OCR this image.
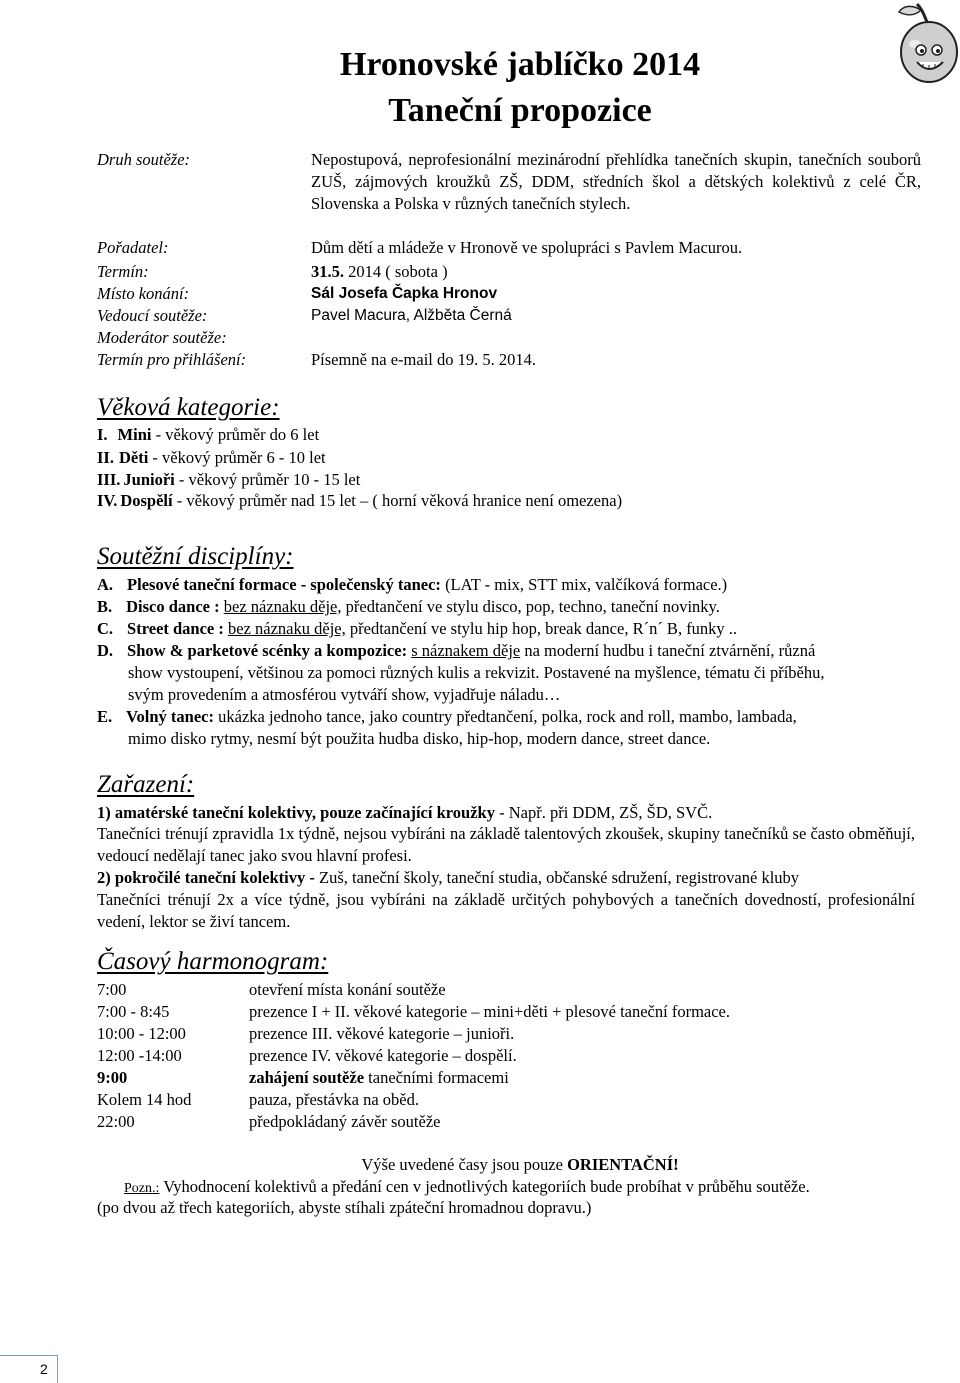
Hronovské jablíčko 2014
Taneční propozice
Druh soutěže:	Nepostupová, neprofesionální mezinárodní přehlídka tanečních skupin, tanečních souborů ZUŠ, zájmových kroužků ZŠ, DDM, středních škol a dětských kolektivů z celé ČR, Slovenska a Polska v různých tanečních stylech.
Pořadatel:	Dům dětí a mládeže v Hronově ve spolupráci s Pavlem Macurou.
Termín:	31.5. 2014 ( sobota )
Místo konání:	Sál Josefa Čapka Hronov
Vedoucí soutěže:	Pavel Macura, Alžběta Černá
Moderátor soutěže:
Termín pro přihlášení:	Písemně na e-mail do 19. 5. 2014.
Věková kategorie:
I. Mini - věkový průměr do 6 let
II. Děti - věkový průměr 6 - 10 let
III. Junioři - věkový průměr 10 - 15 let
IV. Dospělí - věkový průměr nad 15 let – ( horní věková hranice není omezena)
Soutěžní disciplíny:
A. Plesové taneční formace - společenský tanec: (LAT - mix, STT mix, valčíková formace.)
B. Disco dance : bez náznaku děje, předtančení ve stylu disco, pop, techno, taneční novinky.
C. Street dance : bez náznaku děje, předtančení ve stylu hip hop, break dance, R´n´ B, funky ..
D. Show & parketové scénky a kompozice: s náznakem děje na moderní hudbu i taneční ztvárnění, různá
show vystoupení, většinou za pomoci různých kulis a rekvizit. Postavené na myšlence, tématu či příběhu,
svým provedením a atmosférou vytváří show, vyjadřuje náladu…
E. Volný tanec: ukázka jednoho tance, jako country předtančení, polka, rock and roll, mambo, lambada,
mimo disko rytmy, nesmí být použita hudba disko, hip-hop, modern dance, street dance.
Zařazení:
1) amatérské taneční kolektivy, pouze začínající kroužky - Např. při DDM, ZŠ, ŠD, SVČ.
Tanečníci trénují zpravidla 1x týdně, nejsou vybíráni na základě talentových zkoušek, skupiny tanečníků se často obměňují, vedoucí nedělají tanec jako svou hlavní profesi.
2) pokročilé taneční kolektivy - Zuš, taneční školy, taneční studia, občanské sdružení, registrované kluby
Tanečníci trénují 2x a více týdně, jsou vybíráni na základě určitých pohybových a tanečních dovedností, profesionální vedení, lektor se živí tancem.
Časový harmonogram:
7:00	otevření místa konání soutěže
7:00 - 8:45	prezence I + II. věkové kategorie – mini+děti + plesové taneční formace.
10:00 - 12:00	prezence III. věkové kategorie – junioři.
12:00 -14:00	prezence IV. věkové kategorie – dospělí.
9:00	zahájení soutěže tanečními formacemi
Kolem 14 hod	pauza, přestávka na oběd.
22:00	předpokládaný závěr soutěže
Výše uvedené časy jsou pouze ORIENTAČNÍ!
Pozn.: Vyhodnocení kolektivů a předání cen v jednotlivých kategoriích bude probíhat v průběhu soutěže.
(po dvou až třech kategoriích, abyste stíhali zpáteční hromadnou dopravu.)
2
